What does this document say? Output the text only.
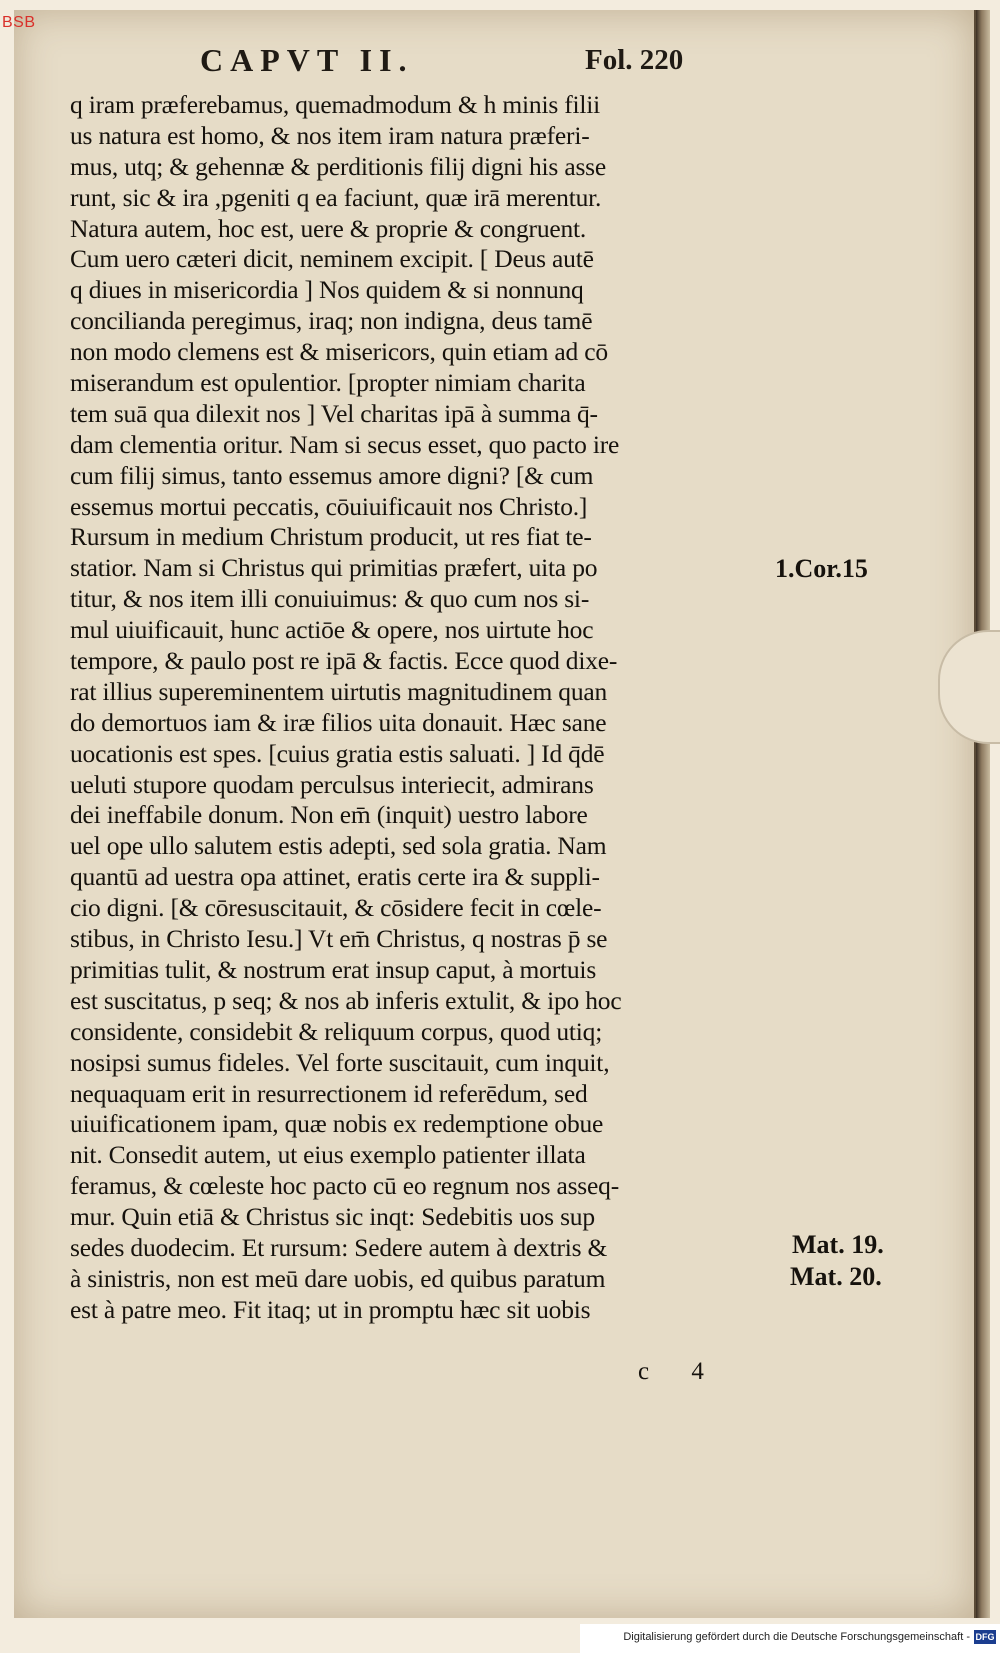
BSB
CAPVT II.	Fol. 220
q iram præferebamus, quemadmodum & h minis filii
us natura est homo, & nos item iram natura præferi-
mus, utq; & gehennæ & perditionis filij digni his asse
runt, sic & ira ,pgeniti q ea faciunt, quæ irā merentur.
Natura autem, hoc est, uere & proprie & congruent.
Cum uero cæteri dicit, neminem excipit. [ Deus autē
q diues in misericordia ] Nos quidem & si nonnunq
concilianda peregimus, iraq; non indigna, deus tamē
non modo clemens est & misericors, quin etiam ad cō
miserandum est opulentior. [propter nimiam charita
tem suā qua dilexit nos ] Vel charitas ipā à summa q̄-
dam clementia oritur. Nam si secus esset, quo pacto ire
cum filij simus, tanto essemus amore digni? [& cum
essemus mortui peccatis, cōuiuificauit nos Christo.]
Rursum in medium Christum producit, ut res fiat te-
statior. Nam si Christus qui primitias præfert, uita po
titur, & nos item illi conuiuimus: & quo cum nos si-
mul uiuificauit, hunc actiōe & opere, nos uirtute hoc
tempore, & paulo post re ipā & factis. Ecce quod dixe-
rat illius supereminentem uirtutis magnitudinem quan
do demortuos iam & iræ filios uita donauit. Hæc sane
uocationis est spes. [cuius gratia estis saluati. ] Id q̄dē
ueluti stupore quodam perculsus interiecit, admirans
dei ineffabile donum. Non em̄ (inquit) uestro labore
uel ope ullo salutem estis adepti, sed sola gratia. Nam
quantū ad uestra opa attinet, eratis certe ira & suppli-
cio digni. [& cōresuscitauit, & cōsidere fecit in cœle-
stibus, in Christo Iesu.] Vt em̄ Christus, q nostras p̄ se
primitias tulit, & nostrum erat insup caput, à mortuis
est suscitatus, p seq; & nos ab inferis extulit, & ipo hoc
considente, considebit & reliquum corpus, quod utiq;
nosipsi sumus fideles. Vel forte suscitauit, cum inquit,
nequaquam erit in resurrectionem id referēdum, sed
uiuificationem ipam, quæ nobis ex redemptione obue
nit. Consedit autem, ut eius exemplo patienter illata
feramus, & cœleste hoc pacto cū eo regnum nos asseq-
mur. Quin etiā & Christus sic inqt: Sedebitis uos sup
sedes duodecim. Et rursum: Sedere autem à dextris &
à sinistris, non est meū dare uobis, ed quibus paratum
est à patre meo. Fit itaq; ut in promptu hæc sit uobis
c 4
1.Cor.15
Mat. 19.
Mat. 20.
Digitalisierung gefördert durch die Deutsche Forschungsgemeinschaft - DFG
